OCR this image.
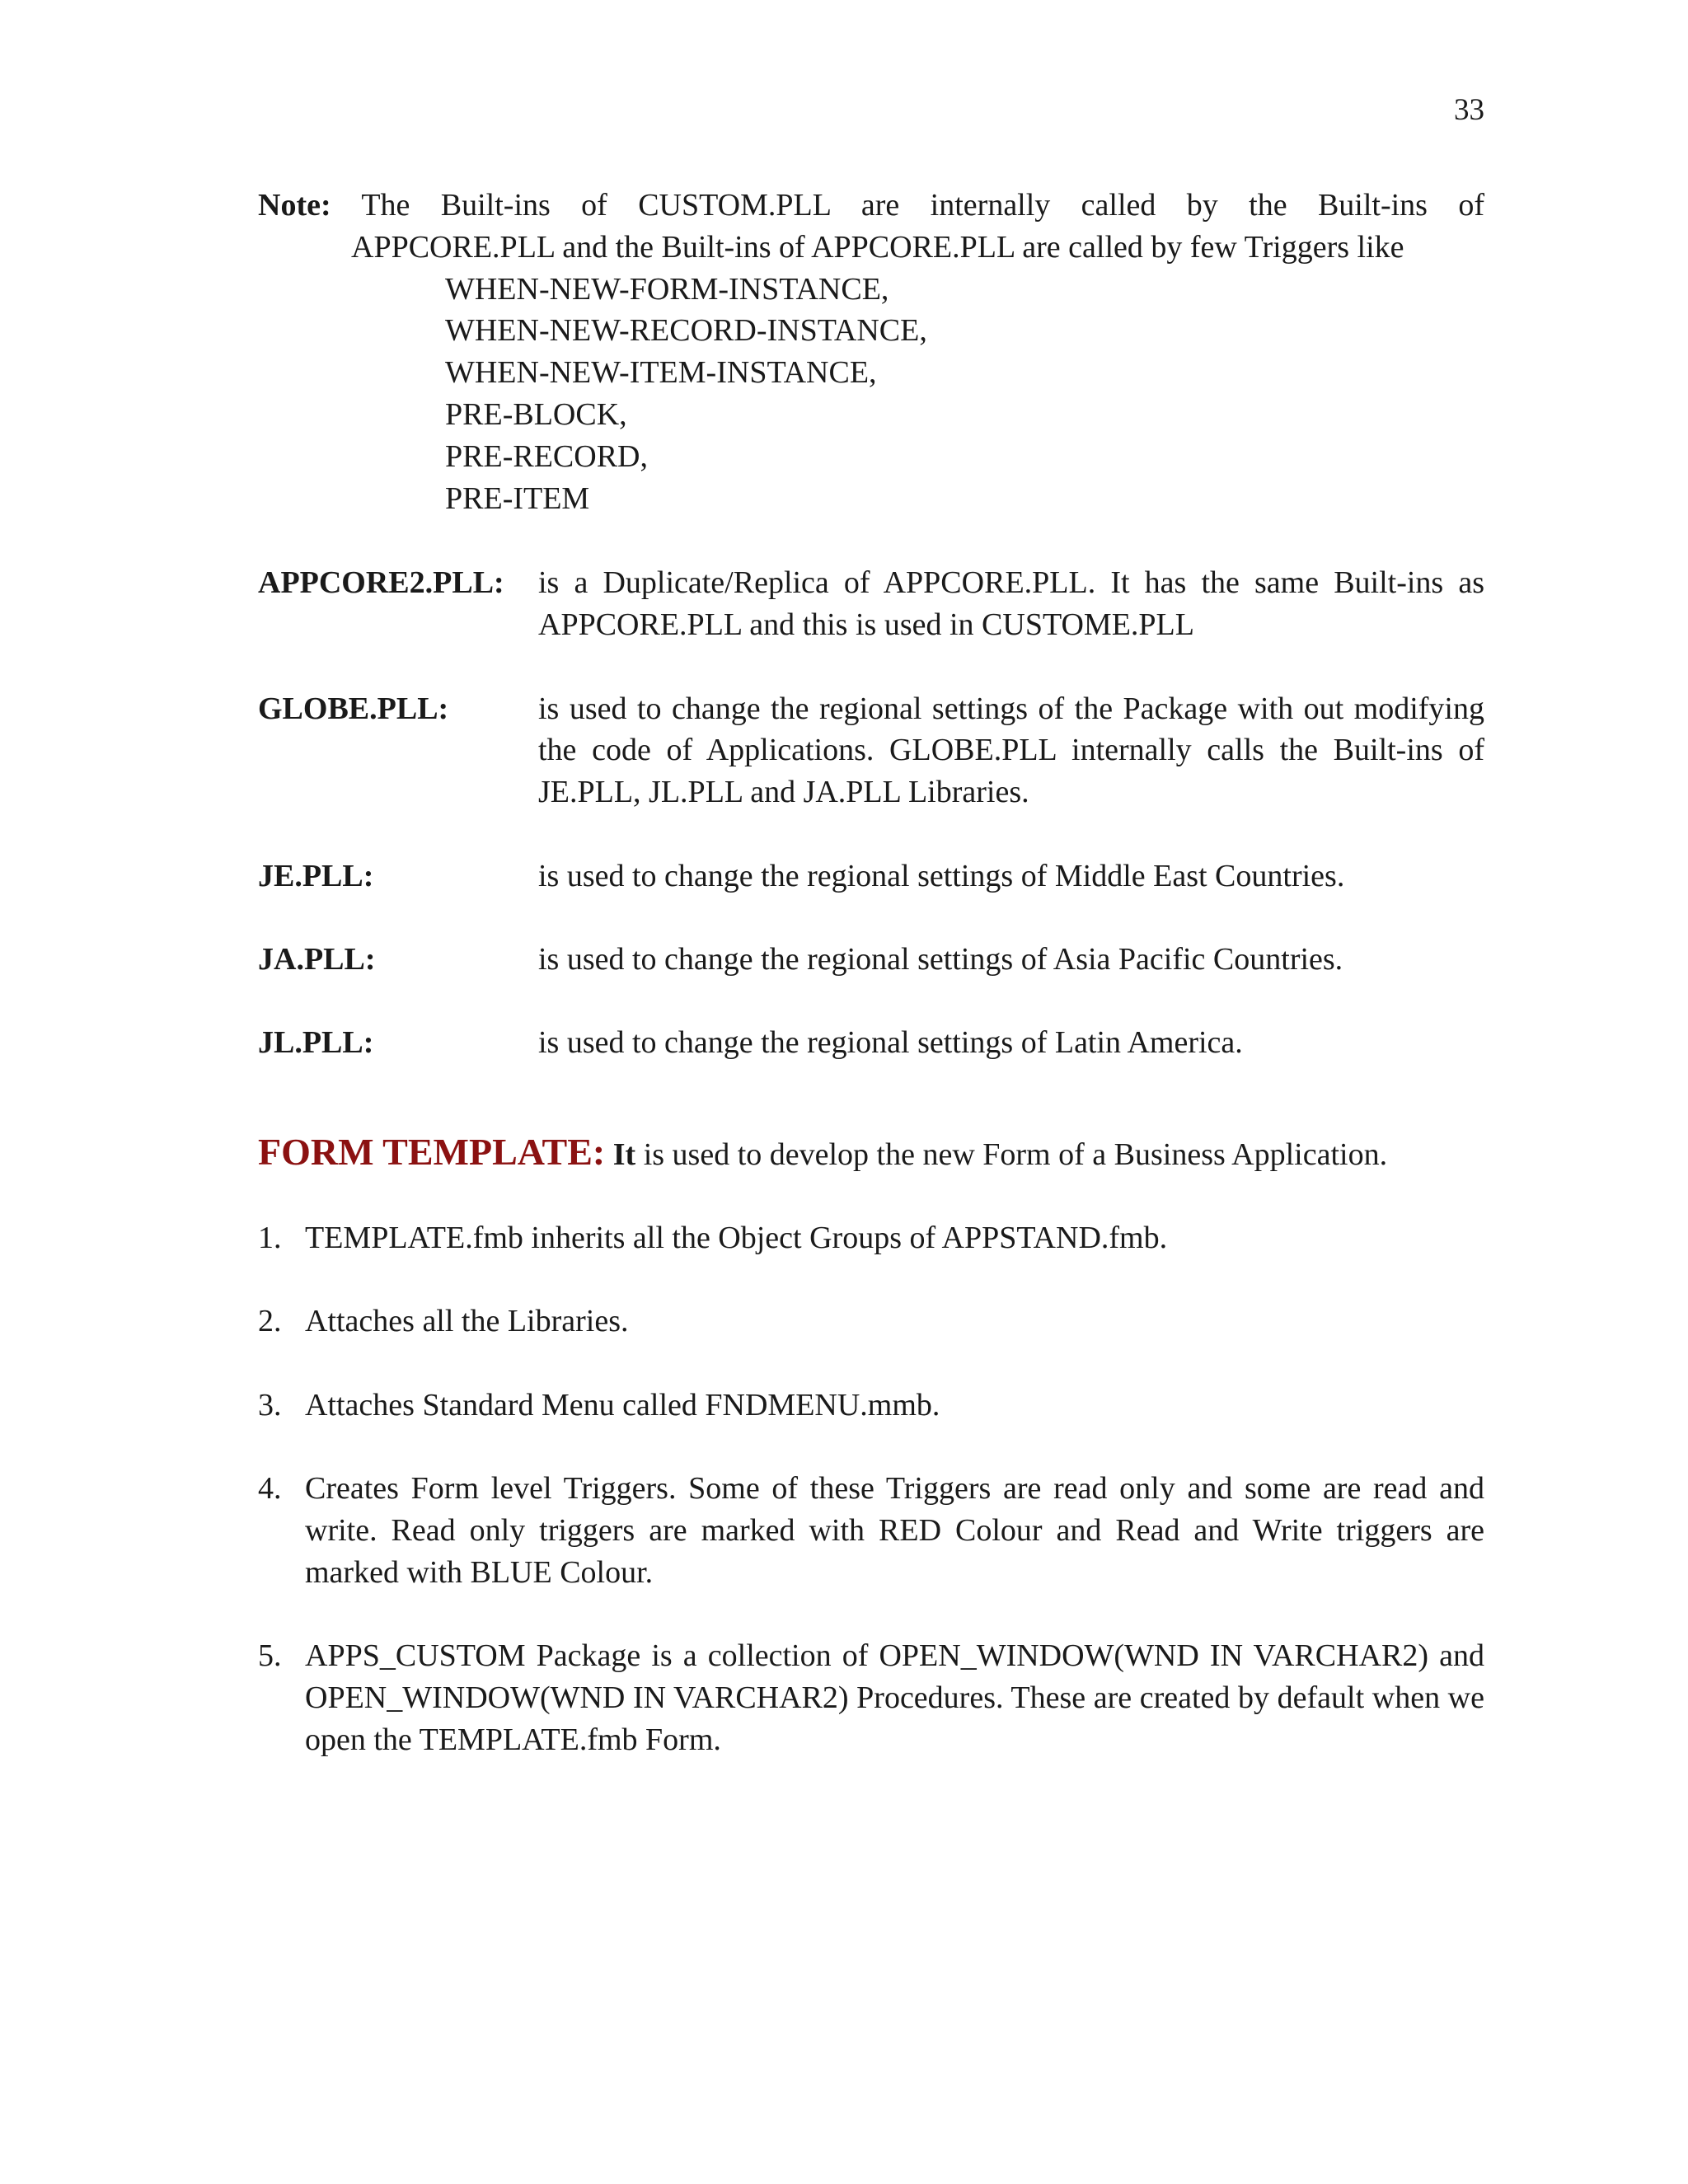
33
Note: The Built-ins of CUSTOM.PLL are internally called by the Built-ins of
APPCORE.PLL and the Built-ins of APPCORE.PLL are called by few Triggers like
WHEN-NEW-FORM-INSTANCE,
WHEN-NEW-RECORD-INSTANCE,
WHEN-NEW-ITEM-INSTANCE,
PRE-BLOCK,
PRE-RECORD,
PRE-ITEM
APPCORE2.PLL:	is a Duplicate/Replica of APPCORE.PLL. It has the same Built-ins as APPCORE.PLL and this is used in CUSTOME.PLL
GLOBE.PLL:	is used to change the regional settings of the Package with out modifying the code of Applications. GLOBE.PLL internally calls the Built-ins of JE.PLL, JL.PLL and JA.PLL Libraries.
JE.PLL:	is used to change the regional settings of Middle East Countries.
JA.PLL:	is used to change the regional settings of Asia Pacific Countries.
JL.PLL:	is used to change the regional settings of Latin America.
FORM TEMPLATE: It is used to develop the new Form of a Business Application.
1. TEMPLATE.fmb inherits all the Object Groups of APPSTAND.fmb.
2. Attaches all the Libraries.
3. Attaches Standard Menu called FNDMENU.mmb.
4. Creates Form level Triggers. Some of these Triggers are read only and some are read and write. Read only triggers are marked with RED Colour and Read and Write triggers are marked with BLUE Colour.
5. APPS_CUSTOM Package is a collection of OPEN_WINDOW(WND IN VARCHAR2) and OPEN_WINDOW(WND IN VARCHAR2) Procedures. These are created by default when we open the TEMPLATE.fmb Form.
